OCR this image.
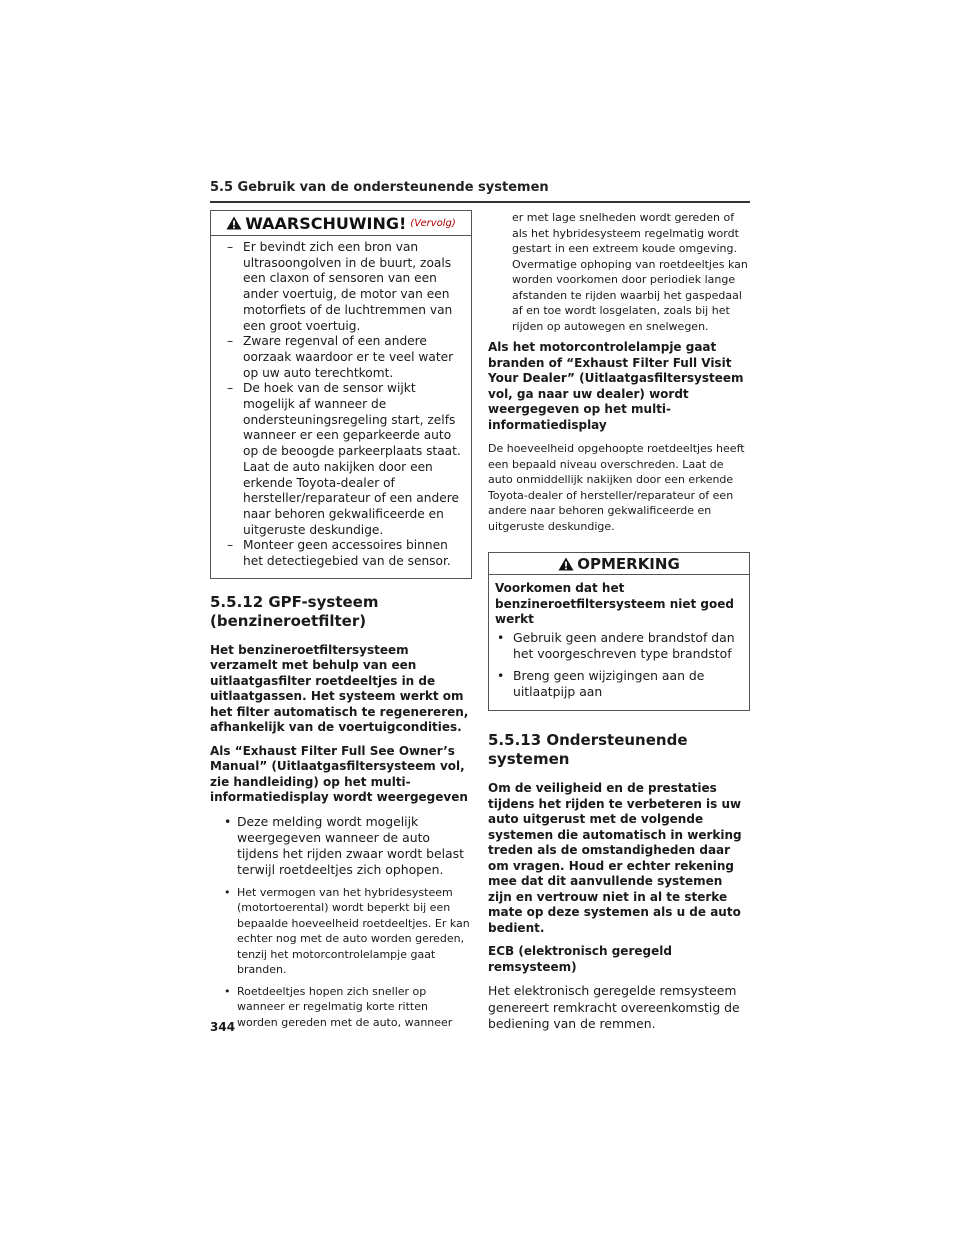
5.5 Gebruik van de ondersteunende systemen
WAARSCHUWING! (Vervolg)

– Er bevindt zich een bron van ultrasoongolven in de buurt, zoals een claxon of sensoren van een ander voertuig, de motor van een motorfiets of de luchtremmen van een groot voertuig.

– Zware regenval of een andere oorzaak waardoor er te veel water op uw auto terechtkomt.

– De hoek van de sensor wijkt mogelijk af wanneer de ondersteuningsregeling start, zelfs wanneer er een geparkeerde auto op de beoogde parkeerplaats staat. Laat de auto nakijken door een erkende Toyota-dealer of hersteller/reparateur of een andere naar behoren gekwalificeerde en uitgeruste deskundige.

– Monteer geen accessoires binnen het detectiegebied van de sensor.

5.5.12 GPF-systeem (benzineroetfilter)

Het benzineroetfiltersysteem verzamelt met behulp van een uitlaatgasfilter roetdeeltjes in de uitlaatgassen. Het systeem werkt om het filter automatisch te regenereren, afhankelijk van de voertuigcondities.

Als “Exhaust Filter Full See Owner’s Manual” (Uitlaatgasfiltersysteem vol, zie handleiding) op het multi-informatiedisplay wordt weergegeven

• Deze melding wordt mogelijk weergegeven wanneer de auto tijdens het rijden zwaar wordt belast terwijl roetdeeltjes zich ophopen.
• Het vermogen van het hybridesysteem (motortoerental) wordt beperkt bij een bepaalde hoeveelheid roetdeeltjes. Er kan echter nog met de auto worden gereden, tenzij het motorcontrolelampje gaat branden.
• Roetdeeltjes hopen zich sneller op wanneer er regelmatig korte ritten worden gereden met de auto, wanneer

er met lage snelheden wordt gereden of als het hybridesysteem regelmatig wordt gestart in een extreem koude omgeving. Overmatige ophoping van roetdeeltjes kan worden voorkomen door periodiek lange afstanden te rijden waarbij het gaspedaal af en toe wordt losgelaten, zoals bij het rijden op autowegen en snelwegen.

Als het motorcontrolelampje gaat branden of “Exhaust Filter Full Visit Your Dealer” (Uitlaatgasfiltersysteem vol, ga naar uw dealer) wordt weergegeven op het multi-informatiedisplay

De hoeveelheid opgehoopte roetdeeltjes heeft een bepaald niveau overschreden. Laat de auto onmiddellijk nakijken door een erkende Toyota-dealer of hersteller/reparateur of een andere naar behoren gekwalificeerde en uitgeruste deskundige.

OPMERKING

Voorkomen dat het benzineroetfiltersysteem niet goed werkt

• Gebruik geen andere brandstof dan het voorgeschreven type brandstof
• Breng geen wijzigingen aan de uitlaatpijp aan
5.5.13 Ondersteunende systemen

Om de veiligheid en de prestaties tijdens het rijden te verbeteren is uw auto uitgerust met de volgende systemen die automatisch in werking treden als de omstandigheden daar om vragen. Houd er echter rekening mee dat dit aanvullende systemen zijn en vertrouw niet in al te sterke mate op deze systemen als u de auto bedient.

ECB (elektronisch geregeld remsysteem)

Het elektronisch geregelde remsysteem genereert remkracht overeenkomstig de bediening van de remmen.

344
